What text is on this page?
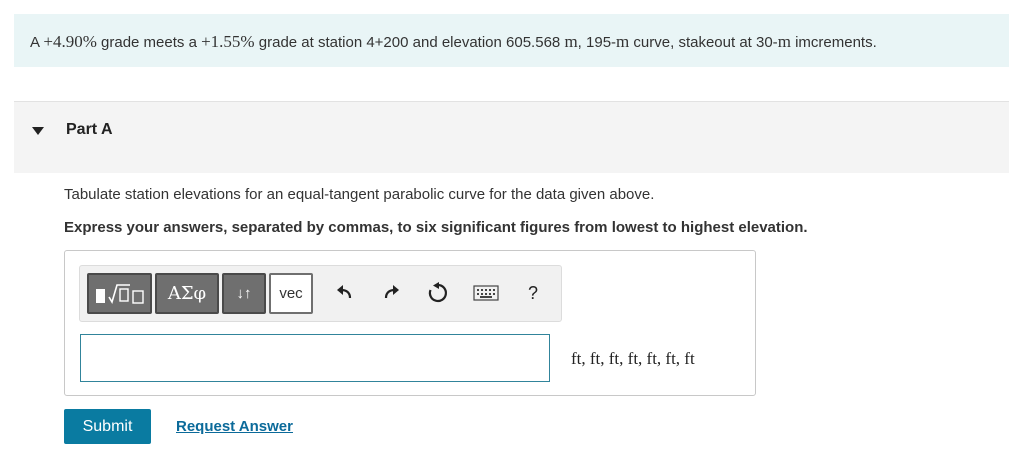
A +4.90% grade meets a +1.55% grade at station 4+200 and elevation 605.568 m, 195-m curve, stakeout at 30-m imcrements.
Part A
Tabulate station elevations for an equal-tangent parabolic curve for the data given above.
Express your answers, separated by commas, to six significant figures from lowest to highest elevation.
ΑΣφ	↓↑	vec	?
ft, ft, ft, ft, ft, ft, ft
Submit	Request Answer
